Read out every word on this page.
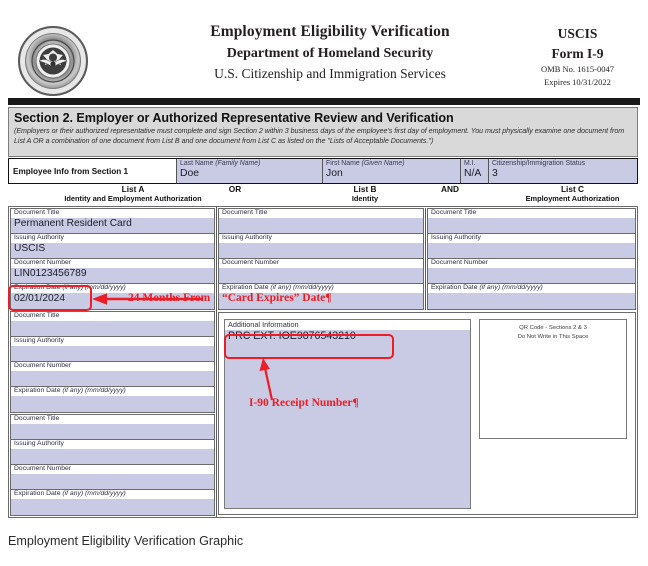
Employment Eligibility Verification
Department of Homeland Security
U.S. Citizenship and Immigration Services
USCIS
Form I-9
OMB No. 1615-0047
Expires 10/31/2022
Section 2. Employer or Authorized Representative Review and Verification

(Employers or their authorized representative must complete and sign Section 2 within 3 business days of the employee's first day of employment. You must physically examine one document from List A OR a combination of one document from List B and one document from List C as listed on the "Lists of Acceptable Documents.")

Employee Info from Section 1
Last Name (Family Name)
Doe
First Name (Given Name)
Jon
M.I.
N/A
Citizenship/Immigration Status
3
List A
Identity and Employment Authorization
OR	List B
Identity
AND	List C
Employment Authorization
Document Title
Permanent Resident Card
Issuing Authority
USCIS
Document Number
LIN0123456789
Expiration Date (if any) (mm/dd/yyyy)
02/01/2024
Document Title
Issuing Authority
Document Number
Expiration Date (if any) (mm/dd/yyyy)
Document Title
Issuing Authority
Document Number
Expiration Date (if any) (mm/dd/yyyy)
Document Title
Issuing Authority
Document Number
Expiration Date (if any) (mm/dd/yyyy)
Document Title
Issuing Authority
Document Number
Expiration Date (if any) (mm/dd/yyyy)
Additional Information
PRC EXT. IOE9876543210
QR Code - Sections 2 & 3
Do Not Write in This Space
24 Months From “Card Expires” Date¶
I-90 Receipt Number¶
Employment Eligibility Verification Graphic
